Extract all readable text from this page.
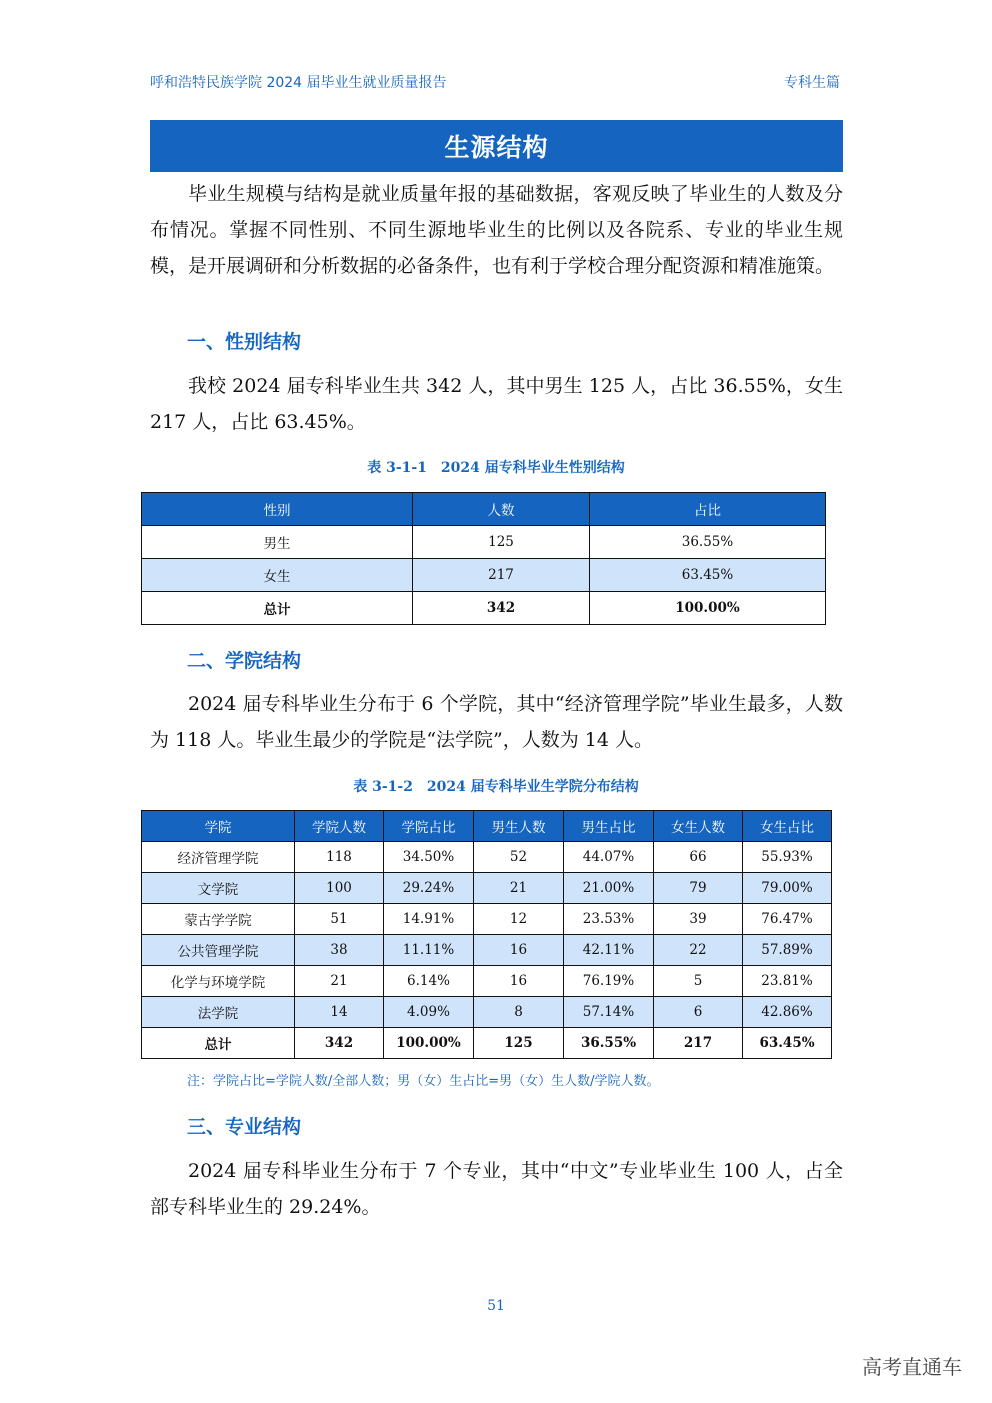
呼和浩特民族学院 2024 届毕业生就业质量报告	专科生篇
生源结构

毕业生规模与结构是就业质量年报的基础数据，客观反映了毕业生的人数及分布情况。掌握不同性别、不同生源地毕业生的比例以及各院系、专业的毕业生规模，是开展调研和分析数据的必备条件，也有利于学校合理分配资源和精准施策。

一、性别结构

我校 2024 届专科毕业生共 342 人，其中男生 125 人，占比 36.55%，女生 217 人，占比 63.45%。

表 3-1-1　2024 届专科毕业生性别结构
性别	人数	占比
男生	125	36.55%
女生	217	63.45%
总计	342	100.00%
二、学院结构

2024 届专科毕业生分布于 6 个学院，其中“经济管理学院”毕业生最多，人数为 118 人。毕业生最少的学院是“法学院”，人数为 14 人。

表 3-1-2　2024 届专科毕业生学院分布结构
学院	学院人数	学院占比	男生人数	男生占比	女生人数	女生占比
经济管理学院	118	34.50%	52	44.07%	66	55.93%
文学院	100	29.24%	21	21.00%	79	79.00%
蒙古学学院	51	14.91%	12	23.53%	39	76.47%
公共管理学院	38	11.11%	16	42.11%	22	57.89%
化学与环境学院	21	6.14%	16	76.19%	5	23.81%
法学院	14	4.09%	8	57.14%	6	42.86%
总计	342	100.00%	125	36.55%	217	63.45%
注：学院占比=学院人数/全部人数；男（女）生占比=男（女）生人数/学院人数。
三、专业结构

2024 届专科毕业生分布于 7 个专业，其中“中文”专业毕业生 100 人，占全部专科毕业生的 29.24%。

51
高考直通车
